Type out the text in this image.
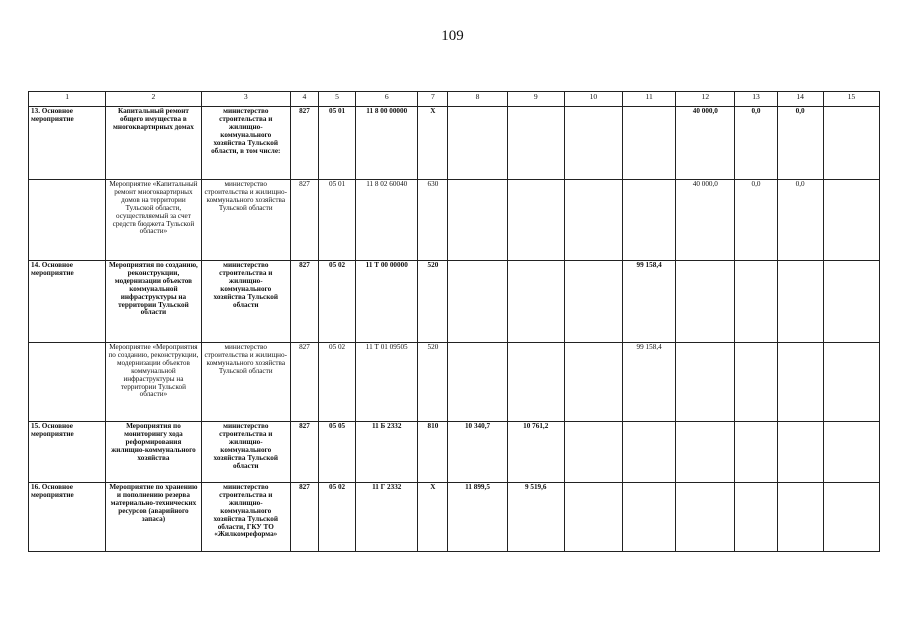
109
1	2	3	4	5	6	7	8	9	10	11	12	13	14	15
13. Основное мероприятие	Капитальный ремонт общего имущества в многоквартирных домах	министерство строительства и жилищно-коммунального хозяйства Тульской области, в том числе:	827	05 01	11 8 00 00000	X					40 000,0	0,0	0,0	
	Мероприятие «Капитальный ремонт многоквартирных домов на территории Тульской области, осуществляемый за счет средств бюджета Тульской области»	министерство строительства и жилищно-коммунального хозяйства Тульской области	827	05 01	11 8 02 60040	630					40 000,0	0,0	0,0	
14. Основное мероприятие	Мероприятия по созданию, реконструкции, модернизации объектов коммунальной инфраструктуры на территории Тульской области	министерство строительства и жилищно-коммунального хозяйства Тульской области	827	05 02	11 Т 00 00000	520				99 158,4				
	Мероприятие «Мероприятия по созданию, реконструкции, модернизации объектов коммунальной инфраструктуры на территории Тульской области»	министерство строительства и жилищно-коммунального хозяйства Тульской области	827	05 02	11 Т 01 09505	520				99 158,4				
15. Основное мероприятие	Мероприятия по мониторингу хода реформирования жилищно-коммунального хозяйства	министерство строительства и жилищно-коммунального хозяйства Тульской области	827	05 05	11 Б 2332	810	10 340,7	10 761,2						
16. Основное мероприятие	Мероприятие по хранению и пополнению резерва материально-технических ресурсов (аварийного запаса)	министерство строительства и жилищно-коммунального хозяйства Тульской области, ГКУ ТО «Жилкомреформа»	827	05 02	11 Г 2332	X	11 899,5	9 519,6						
